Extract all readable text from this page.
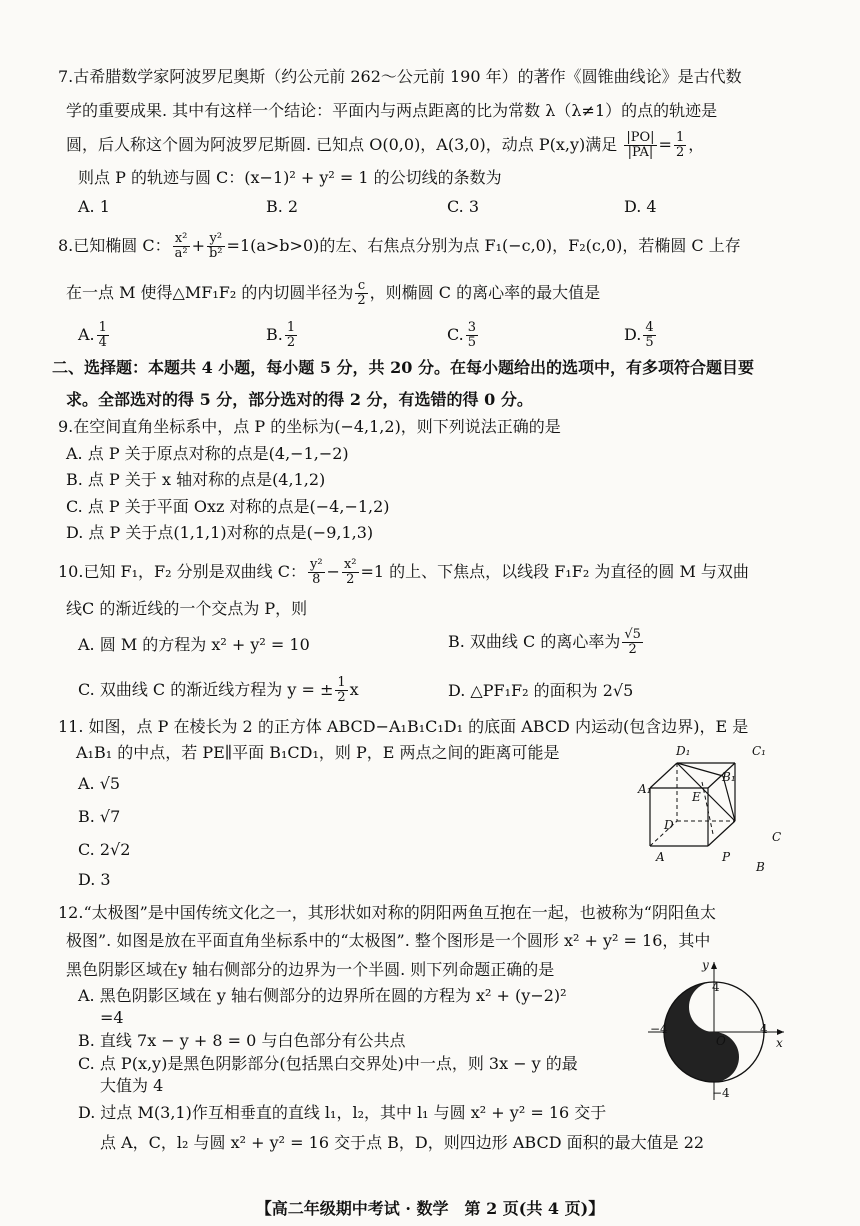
7.古希腊数学家阿波罗尼奥斯（约公元前 262～公元前 190 年）的著作《圆锥曲线论》是古代数
学的重要成果. 其中有这样一个结论：平面内与两点距离的比为常数 λ（λ≠1）的点的轨迹是
圆，后人称这个圆为阿波罗尼斯圆. 已知点 O(0,0)，A(3,0)，动点 P(x,y)满足 $\frac{|PO|}{|PA|} = \frac{1}{2}$ ，
则点 P 的轨迹与圆 C：(x−1)² + y² = 1 的公切线的条数为
A. 1	B. 2	C. 3	D. 4
8.已知椭圆 C： $\frac{\text{x²}}{\text{a²}} + \frac{\text{y²}}{\text{b²}} =1(a>b>0)$的左、右焦点分别为点 F₁(−c,0)，F₂(c,0)，若椭圆 C 上存
在一点 M 使得△MF₁F₂ 的内切圆半径为 $\frac{c}{2}$ ，则椭圆 C 的离心率的最大值是
A. $\frac{1}{4}$	B. $\frac{1}{2}$	C. $\frac{3}{5}$	D. $\frac{4}{5}$
二、选择题：本题共 4 小题，每小题 5 分，共 20 分。在每小题给出的选项中，有多项符合题目要
求。全部选对的得 5 分，部分选对的得 2 分，有选错的得 0 分。
9.在空间直角坐标系中，点 P 的坐标为(−4,1,2)，则下列说法正确的是
A. 点 P 关于原点对称的点是(4,−1,−2)
B. 点 P 关于 x 轴对称的点是(4,1,2)
C. 点 P 关于平面 Oxz 对称的点是(−4,−1,2)
D. 点 P 关于点(1,1,1)对称的点是(−9,1,3)
10.已知 F₁，F₂ 分别是双曲线 C： $\frac{\text{y²}}{8} - \frac{\text{x²}}{2} =1$ 的上、下焦点，以线段 F₁F₂ 为直径的圆 M 与双曲
线C 的渐近线的一个交点为 P，则
A. 圆 M 的方程为 x² + y² = 10	B. 双曲线 C 的离心率为 $\frac{√5}{2}$
C. 双曲线 C 的渐近线方程为 y = ± $\frac{1}{2}$ x	D. △PF₁F₂ 的面积为 2√5
11. 如图，点 P 在棱长为 2 的正方体 ABCD−A₁B₁C₁D₁ 的底面 ABCD 内运动(包含边界)，E 是
A₁B₁ 的中点，若 PE∥平面 B₁CD₁，则 P，E 两点之间的距离可能是
A. √5
B. √7
C. 2√2
D. 3
D₁	C₁
B₁
A₁
E
D
C
A	P
B
12.“太极图”是中国传统文化之一，其形状如对称的阴阳两鱼互抱在一起，也被称为“阴阳鱼太
极图”. 如图是放在平面直角坐标系中的“太极图”. 整个图形是一个圆形 x² + y² = 16，其中
黑色阴影区域在y 轴右侧部分的边界为一个半圆. 则下列命题正确的是
A. 黑色阴影区域在 y 轴右侧部分的边界所在圆的方程为 x² + (y−2)²
=4
B. 直线 7x − y + 8 = 0 与白色部分有公共点
C. 点 P(x,y)是黑色阴影部分(包括黑白交界处)中一点，则 3x − y 的最
大值为 4
D. 过点 M(3,1)作互相垂直的直线 l₁，l₂，其中 l₁ 与圆 x² + y² = 16 交于
点 A，C，l₂ 与圆 x² + y² = 16 交于点 B，D，则四边形 ABCD 面积的最大值是 22
y
x
O
4
−4
−4	4
【高二年级期中考试 · 数学　第 2 页(共 4 页)】
